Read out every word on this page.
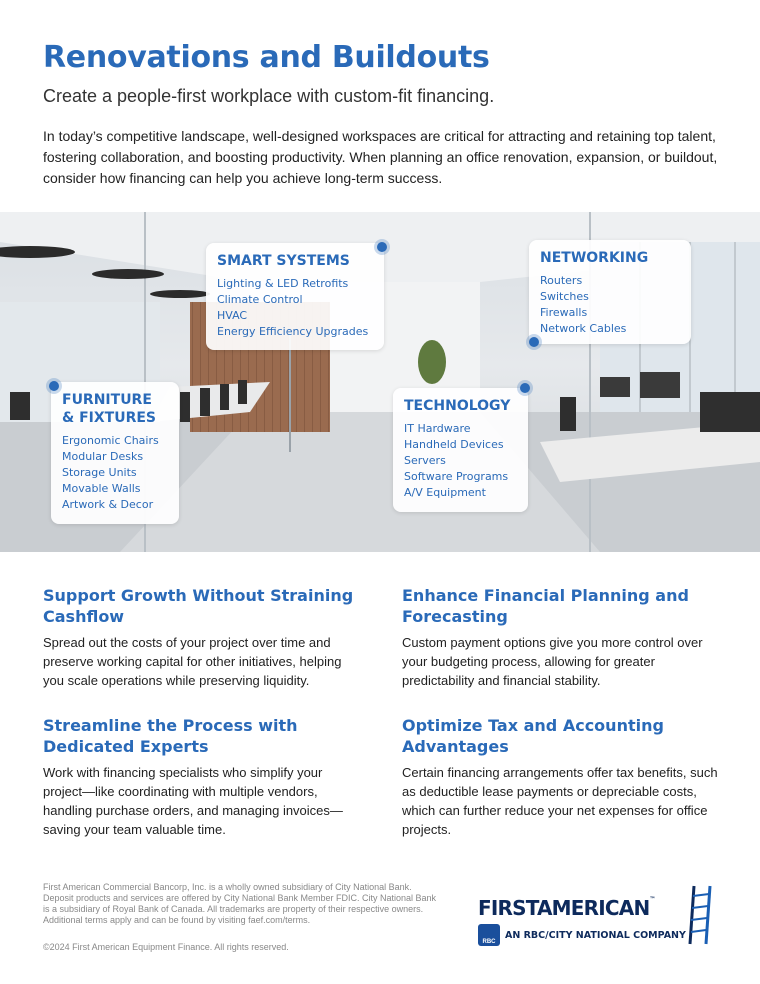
Renovations and Buildouts

Create a people-first workplace with custom-fit financing.

In today’s competitive landscape, well-designed workspaces are critical for attracting and retaining top talent, fostering collaboration, and boosting productivity. When planning an office renovation, expansion, or buildout, consider how financing can help you achieve long-term success.

SMART SYSTEMS
Lighting & LED Retrofits
Climate Control
HVAC
Energy Efficiency Upgrades
NETWORKING
Routers
Switches
Firewalls
Network Cables
FURNITURE & FIXTURES
Ergonomic Chairs
Modular Desks
Storage Units
Movable Walls
Artwork & Decor
TECHNOLOGY
IT Hardware
Handheld Devices
Servers
Software Programs
A/V Equipment
Support Growth Without Straining Cashflow

Spread out the costs of your project over time and preserve working capital for other initiatives, helping you scale operations while preserving liquidity.

Enhance Financial Planning and Forecasting

Custom payment options give you more control over your budgeting process, allowing for greater predictability and financial stability.

Streamline the Process with Dedicated Experts

Work with financing specialists who simplify your project—like coordinating with multiple vendors, handling purchase orders, and managing invoices—saving your team valuable time.

Optimize Tax and Accounting Advantages

Certain financing arrangements offer tax benefits, such as deductible lease payments or depreciable costs, which can further reduce your net expenses for office projects.

First American Commercial Bancorp, Inc. is a wholly owned subsidiary of City National Bank. Deposit products and services are offered by City National Bank Member FDIC. City National Bank is a subsidiary of Royal Bank of Canada. All trademarks are property of their respective owners. Additional terms apply and can be found by visiting faef.com/terms.

©2024 First American Equipment Finance. All rights reserved.

FIRSTAMERICAN™
RBC
AN RBC/CITY NATIONAL COMPANY
